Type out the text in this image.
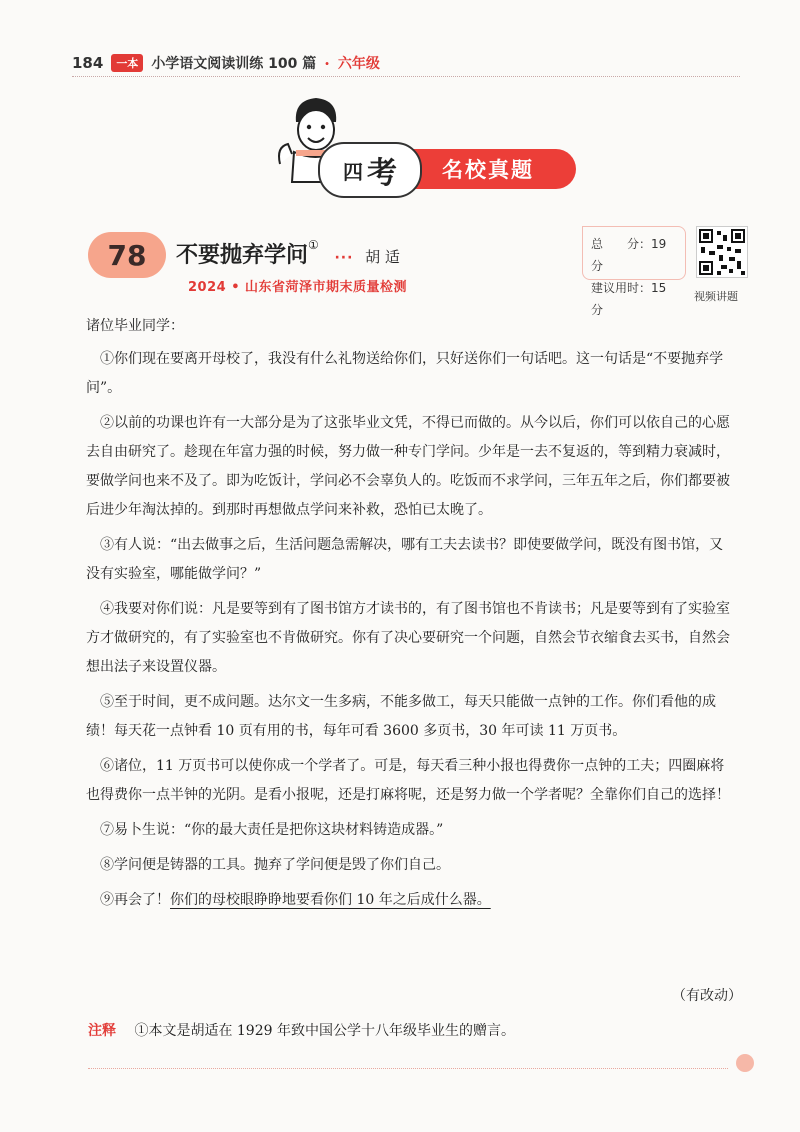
184	一本 小学语文阅读训练 100 篇 · 六年级
名校真题
四 考
78 不要抛弃学问① ··· 胡 适
2024 • 山东省菏泽市期末质量检测
总　　分：19 分
建议用时：15 分
视频讲题

诸位毕业同学：

①你们现在要离开母校了，我没有什么礼物送给你们，只好送你们一句话吧。这一句话是“不要抛弃学问”。

②以前的功课也许有一大部分是为了这张毕业文凭，不得已而做的。从今以后，你们可以依自己的心愿去自由研究了。趁现在年富力强的时候，努力做一种专门学问。少年是一去不复返的，等到精力衰减时，要做学问也来不及了。即为吃饭计，学问必不会辜负人的。吃饭而不求学问，三年五年之后，你们都要被后进少年淘汰掉的。到那时再想做点学问来补救，恐怕已太晚了。

③有人说：“出去做事之后，生活问题急需解决，哪有工夫去读书？即使要做学问，既没有图书馆，又没有实验室，哪能做学问？”

④我要对你们说：凡是要等到有了图书馆方才读书的，有了图书馆也不肯读书；凡是要等到有了实验室方才做研究的，有了实验室也不肯做研究。你有了决心要研究一个问题，自然会节衣缩食去买书，自然会想出法子来设置仪器。

⑤至于时间，更不成问题。达尔文一生多病，不能多做工，每天只能做一点钟的工作。你们看他的成绩！每天花一点钟看 10 页有用的书，每年可看 3600 多页书，30 年可读 11 万页书。

⑥诸位，11 万页书可以使你成一个学者了。可是，每天看三种小报也得费你一点钟的工夫；四圈麻将也得费你一点半钟的光阴。是看小报呢，还是打麻将呢，还是努力做一个学者呢？全靠你们自己的选择！

⑦易卜生说：“你的最大责任是把你这块材料铸造成器。”

⑧学问便是铸器的工具。抛弃了学问便是毁了你们自己。

⑨再会了！你们的母校眼睁睁地要看你们 10 年之后成什么器。

（有改动）
注释 ①本文是胡适在 1929 年致中国公学十八年级毕业生的赠言。
